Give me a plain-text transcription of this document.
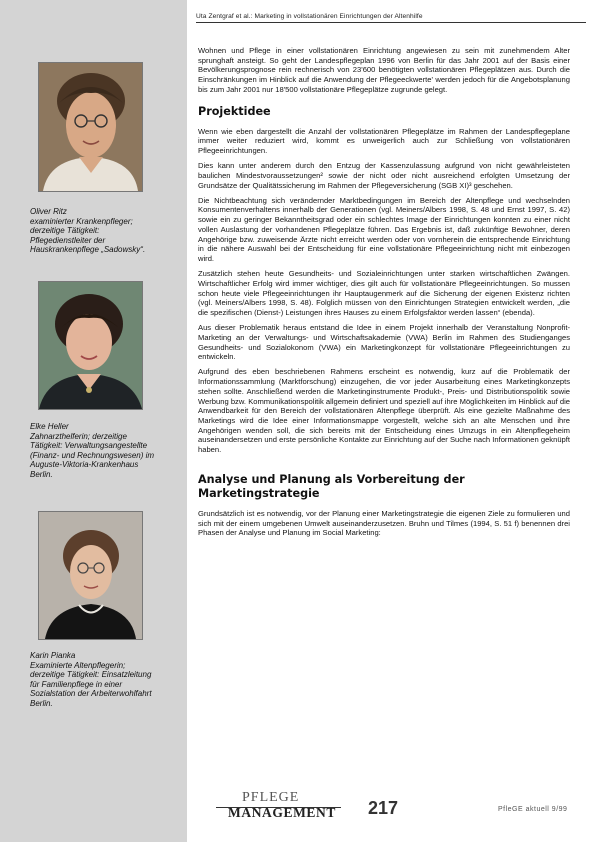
Uta Zentgraf et al.: Marketing in vollstationären Einrichtungen der Altenhilfe
Oliver Ritz
examinierter Krankenpfleger; derzeitige Tätigkeit: Pflegedienstleiter der Hauskrankenpflege „Sadowsky“.
Elke Heller
Zahnarzthelferin; derzeitige Tätigkeit: Verwaltungsangestellte (Finanz- und Rechnungswesen) im Auguste-Viktoria-Krankenhaus Berlin.
Karin Pianka
Examinierte Altenpflegerin; derzeitige Tätigkeit: Einsatzleitung für Familienpflege in einer Sozialstation der Arbeiterwohlfahrt Berlin.

Wohnen und Pflege in einer vollstationären Einrichtung angewiesen zu sein mit zunehmendem Alter sprunghaft ansteigt. So geht der Landespflegeplan 1996 von Berlin für das Jahr 2001 auf der Basis einer Bevölkerungsprognose rein rechnerisch von 23'600 benötigten vollstationären Pflegeplätzen aus. Durch die Einschränkungen im Hinblick auf die Anwendung der Pflegeeckwerte' werden jedoch für die Angebotsplanung bis zum Jahr 2001 nur 18'500 vollstationäre Pflegeplätze zugrunde gelegt.

Projektidee

Wenn wie eben dargestellt die Anzahl der vollstationären Pflegeplätze im Rahmen der Landespflegeplane immer weiter reduziert wird, kommt es unweigerlich auch zur Schließung von vollstationären Pflegeeinrichtungen.

Dies kann unter anderem durch den Entzug der Kassenzulassung aufgrund von nicht gewährleisteten baulichen Mindestvoraussetzungen² sowie der nicht oder nicht ausreichend erfolgten Umsetzung der Grundsätze der Qualitätssicherung im Rahmen der Pflegeversicherung (SGB XI)³ geschehen.

Die Nichtbeachtung sich verändernder Marktbedingungen im Bereich der Altenpflege und wechselnden Konsumentenverhaltens innerhalb der Generationen (vgl. Meiners/Albers 1998, S. 48 und Ernst 1997, S. 42) sowie ein zu geringer Bekanntheitsgrad oder ein schlechtes Image der Einrichtungen konnten zu einer nicht vollen Auslastung der vorhandenen Pflegeplätze führen. Das Ergebnis ist, daß zukünftige Bewohner, deren Angehörige bzw. zuweisende Ärzte nicht erreicht werden oder von vornherein die entsprechende Einrichtung in die nähere Auswahl bei der Entscheidung für eine vollstationäre Pflegeeinrichtung nicht mit einbezogen wird.

Zusätzlich stehen heute Gesundheits- und Sozialeinrichtungen unter starken wirtschaftlichen Zwängen. Wirtschaftlicher Erfolg wird immer wichtiger, dies gilt auch für vollstationäre Pflegeeinrichtungen. So mussen schon heute viele Pflegeeinrichtungen ihr Hauptaugenmerk auf die Sicherung der eigenen Existenz richten (vgl. Meiners/Albers 1998, S. 48). Folglich müssen von den Einrichtungen Strategien entwickelt werden, „die die spezifischen (Dienst-) Leistungen ihres Hauses zu einem Erfolgsfaktor werden lassen“ (ebenda).

Aus dieser Problematik heraus entstand die Idee in einem Projekt innerhalb der Veranstaltung Nonprofit-Marketing an der Verwaltungs- und Wirtschaftsakademie (VWA) Berlin im Rahmen des Studienganges Gesundheits- und Sozialokonom (VWA) ein Marketingkonzept für vollstationäre Pflegeeinrichtungen zu entwickeln.

Aufgrund des eben beschriebenen Rahmens erscheint es notwendig, kurz auf die Problematik der Informationssammlung (Marktforschung) einzugehen, die vor jeder Ausarbeitung eines Marketingkonzepts stehen sollte. Anschließend werden die Marketinginstrumente Produkt-, Preis- und Distributionspolitik sowie Werbung bzw. Kommunikationspolitik allgemein definiert und speziell auf ihre Möglichkeiten im Hinblick auf die Anwendbarkeit für den Bereich der vollstationären Altenpflege überprüft. Als eine gezielte Maßnahme des Marketings wird die Idee einer Informationsmappe vorgestellt, welche sich an alte Menschen und ihre Angehörigen wenden soll, die sich bereits mit der Entscheidung eines Umzugs in ein Altenpflegeheim auseinandersetzen und erste persönliche Kontakte zur Einrichtung auf der Suche nach Informationen geknüpft haben.

Analyse und Planung als Vorbereitung der Marketingstrategie

Grundsätzlich ist es notwendig, vor der Planung einer Marketingstrategie die eigenen Ziele zu formulieren und sich mit der einem umgebenen Umwelt auseinanderzusetzen. Bruhn und Tilmes (1994, S. 51 f) benennen drei Phasen der Analyse und Planung im Social Marketing:

PFLEGE
MANAGEMENT 217	PfleGE aktuell 9/99
